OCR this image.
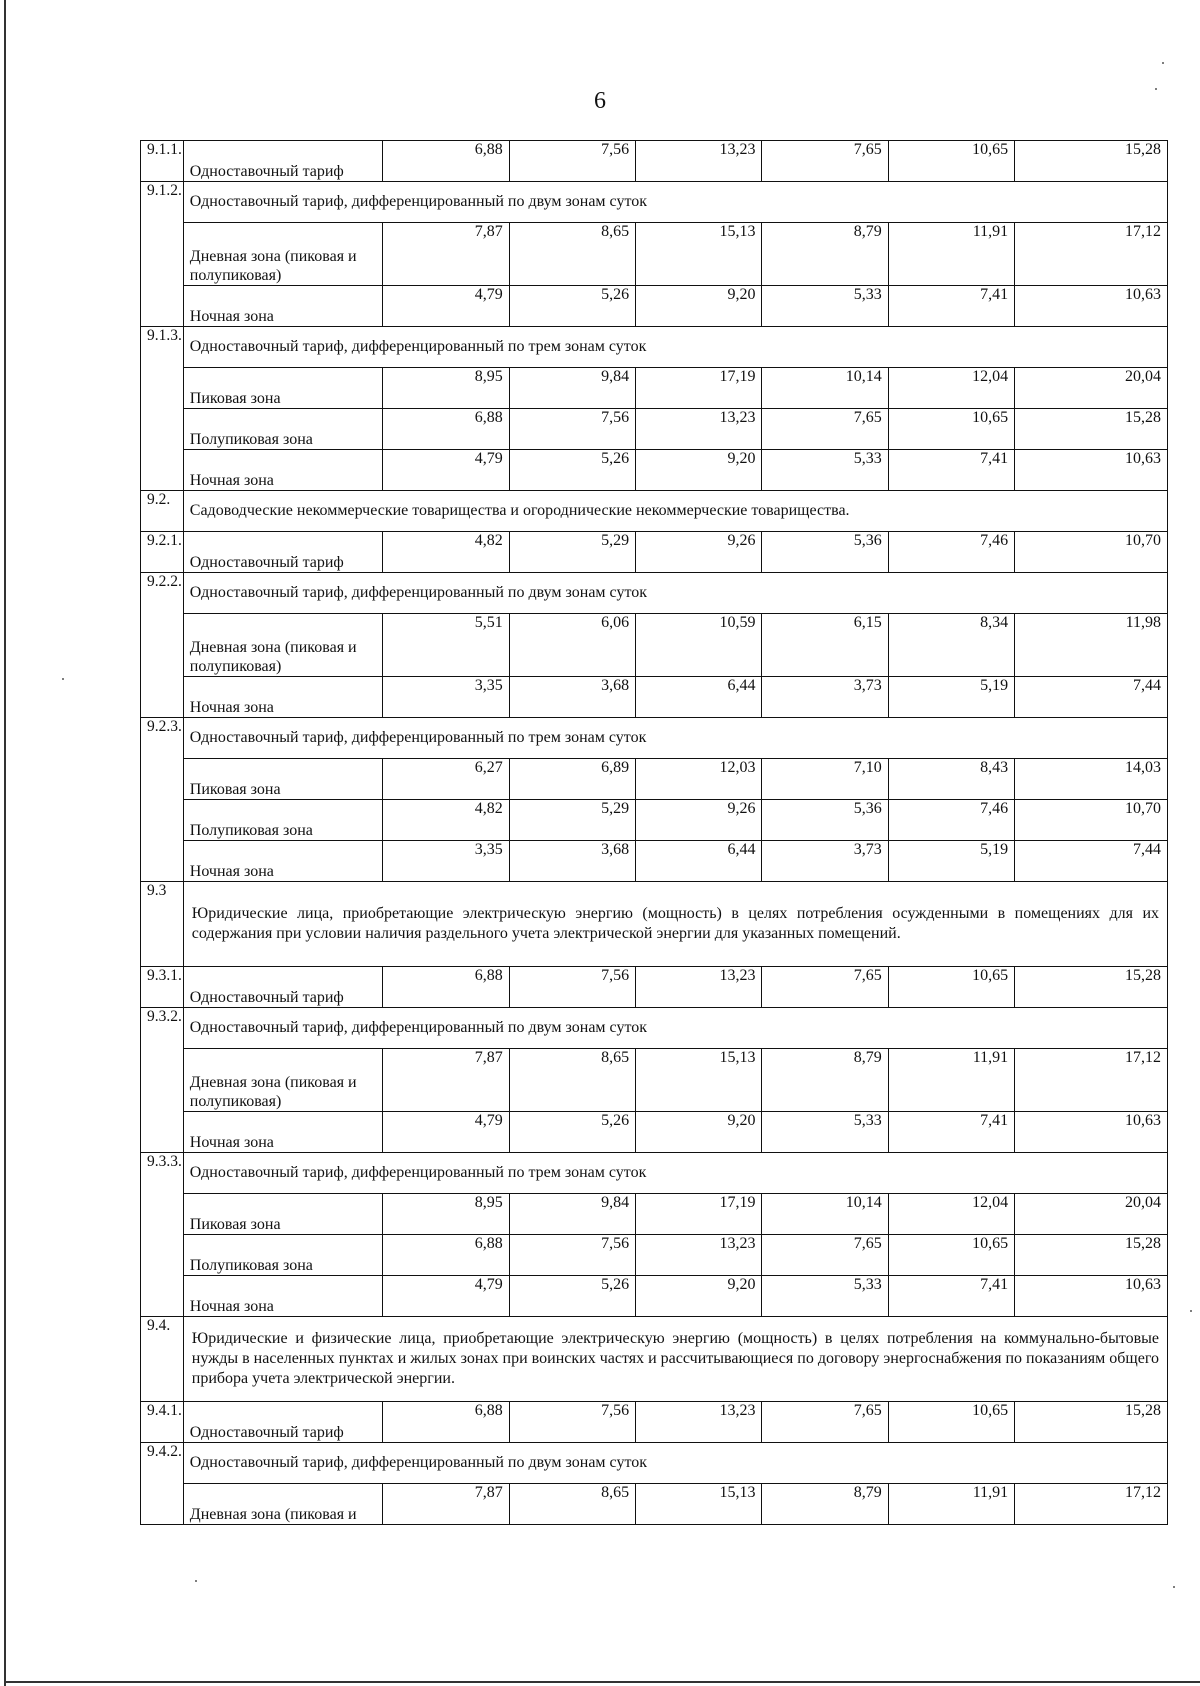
6
9.1.1.	Одноставочный тариф	6,88	7,56	13,23	7,65	10,65	15,28
9.1.2.	Одноставочный тариф, дифференцированный по двум зонам суток						

	Дневная зона (пиковая и полупиковая)	7,87	8,65	15,13	8,79	11,91	17,12

	Ночная зона	4,79	5,26	9,20	5,33	7,41	10,63
9.1.3.	Одноставочный тариф, дифференцированный по трем зонам суток						

	Пиковая зона	8,95	9,84	17,19	10,14	12,04	20,04

	Полупиковая зона	6,88	7,56	13,23	7,65	10,65	15,28

	Ночная зона	4,79	5,26	9,20	5,33	7,41	10,63
9.2.	Садоводческие некоммерческие товарищества и огороднические некоммерческие товарищества.						
9.2.1.	Одноставочный тариф	4,82	5,29	9,26	5,36	7,46	10,70
9.2.2.	Одноставочный тариф, дифференцированный по двум зонам суток						

	Дневная зона (пиковая и полупиковая)	5,51	6,06	10,59	6,15	8,34	11,98

	Ночная зона	3,35	3,68	6,44	3,73	5,19	7,44
9.2.3.	Одноставочный тариф, дифференцированный по трем зонам суток						

	Пиковая зона	6,27	6,89	12,03	7,10	8,43	14,03

	Полупиковая зона	4,82	5,29	9,26	5,36	7,46	10,70

	Ночная зона	3,35	3,68	6,44	3,73	5,19	7,44
9.3	Юридические лица, приобретающие электрическую энергию (мощность) в целях потребления осужденными в помещениях для их содержания при условии наличия раздельного учета электрической энергии для указанных помещений.						
9.3.1.	Одноставочный тариф	6,88	7,56	13,23	7,65	10,65	15,28
9.3.2.	Одноставочный тариф, дифференцированный по двум зонам суток						

	Дневная зона (пиковая и полупиковая)	7,87	8,65	15,13	8,79	11,91	17,12

	Ночная зона	4,79	5,26	9,20	5,33	7,41	10,63
9.3.3.	Одноставочный тариф, дифференцированный по трем зонам суток						

	Пиковая зона	8,95	9,84	17,19	10,14	12,04	20,04

	Полупиковая зона	6,88	7,56	13,23	7,65	10,65	15,28

	Ночная зона	4,79	5,26	9,20	5,33	7,41	10,63
9.4.	Юридические и физические лица, приобретающие электрическую энергию (мощность) в целях потребления на коммунально-бытовые нужды в населенных пунктах и жилых зонах при воинских частях и рассчитывающиеся по договору энергоснабжения по показаниям общего прибора учета электрической энергии.						
9.4.1.	Одноставочный тариф	6,88	7,56	13,23	7,65	10,65	15,28
9.4.2.	Одноставочный тариф, дифференцированный по двум зонам суток						

	Дневная зона (пиковая и	7,87	8,65	15,13	8,79	11,91	17,12
